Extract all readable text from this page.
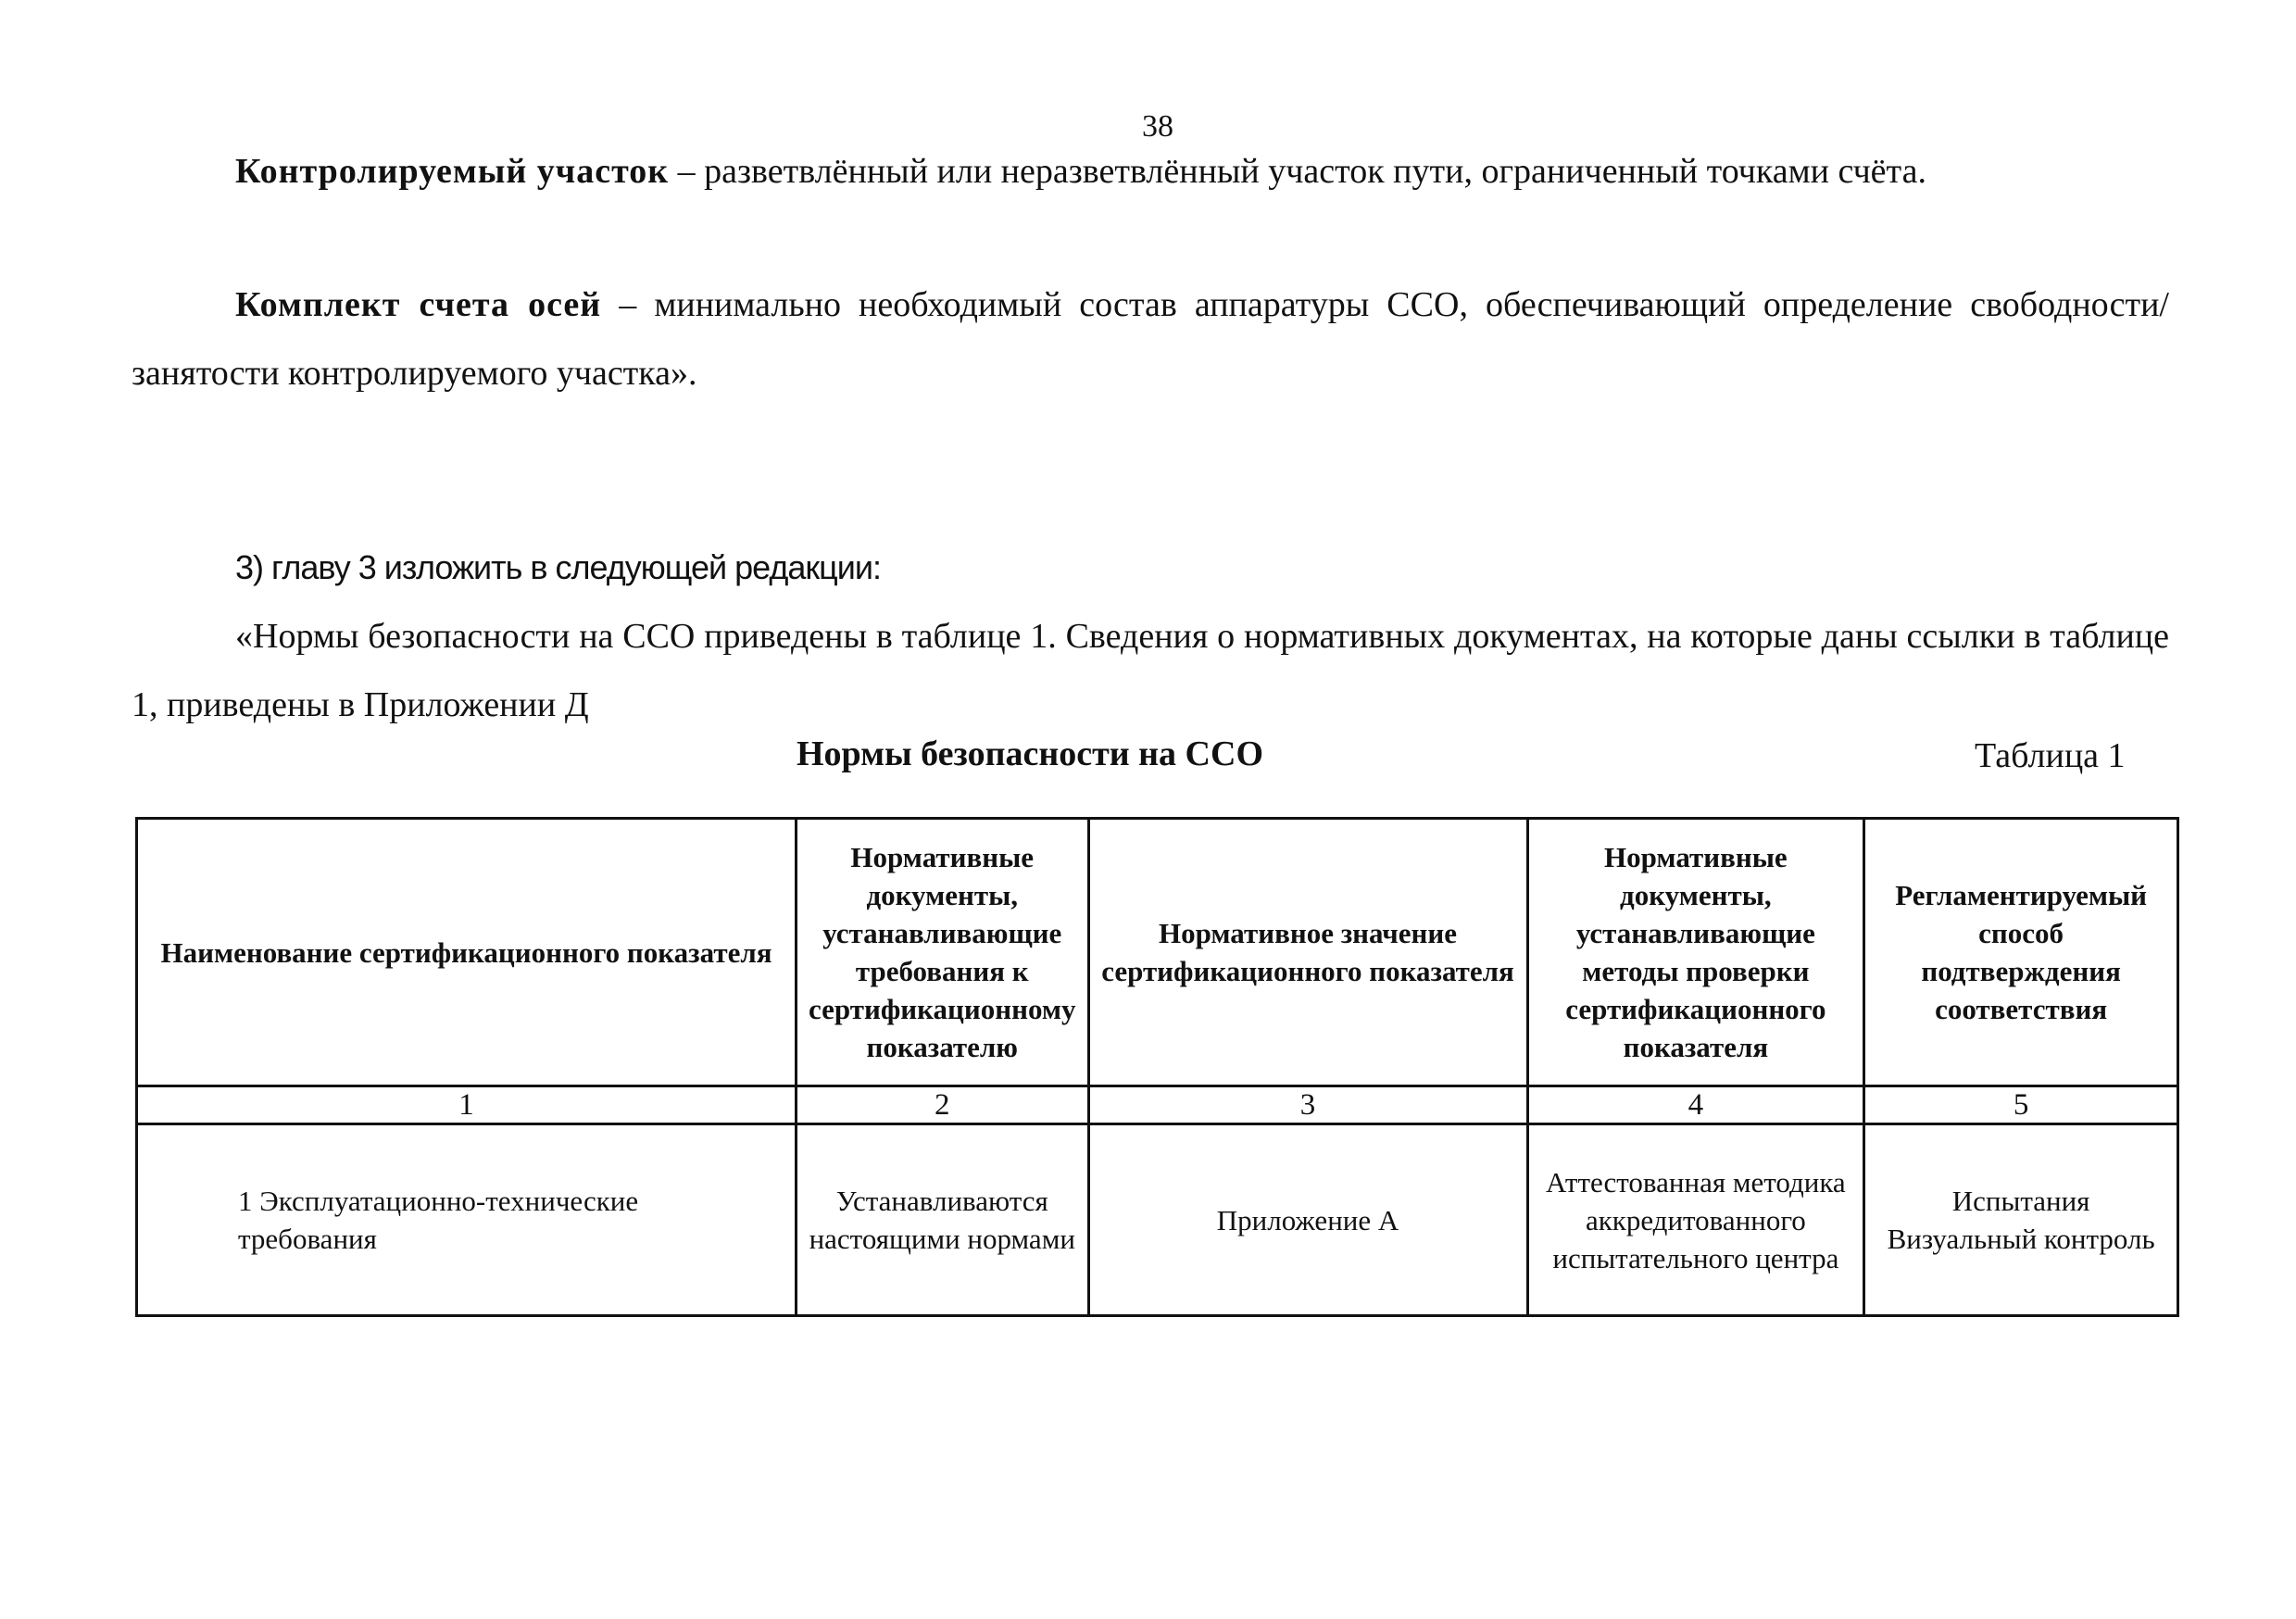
38
Контролируемый участок – разветвлённый или неразветвлённый участок пути, ограниченный точками счёта.
Комплект счета осей – минимально необходимый состав аппаратуры ССО, обеспечивающий определение свободности/занятости контролируемого участка».
3) главу 3 изложить в следующей редакции:
«Нормы безопасности на ССО приведены в таблице 1. Сведения о нормативных документах, на которые даны ссылки в таблице 1, приведены в Приложении Д
Нормы безопасности на ССО	Таблица 1
Наименование сертификационного показателя	Нормативные документы, устанавливающие требования к сертификационному показателю	Нормативное значение сертификационного показателя	Нормативные документы, устанавливающие методы проверки сертификационного показателя	Регламентируемый способ подтверждения соответствия
1	2	3	4	5

1 Эксплуатационно-технические требования	Устанавливаются настоящими нормами	Приложение А	Аттестованная методика аккредитованного испытательного центра	Испытания Визуальный контроль
